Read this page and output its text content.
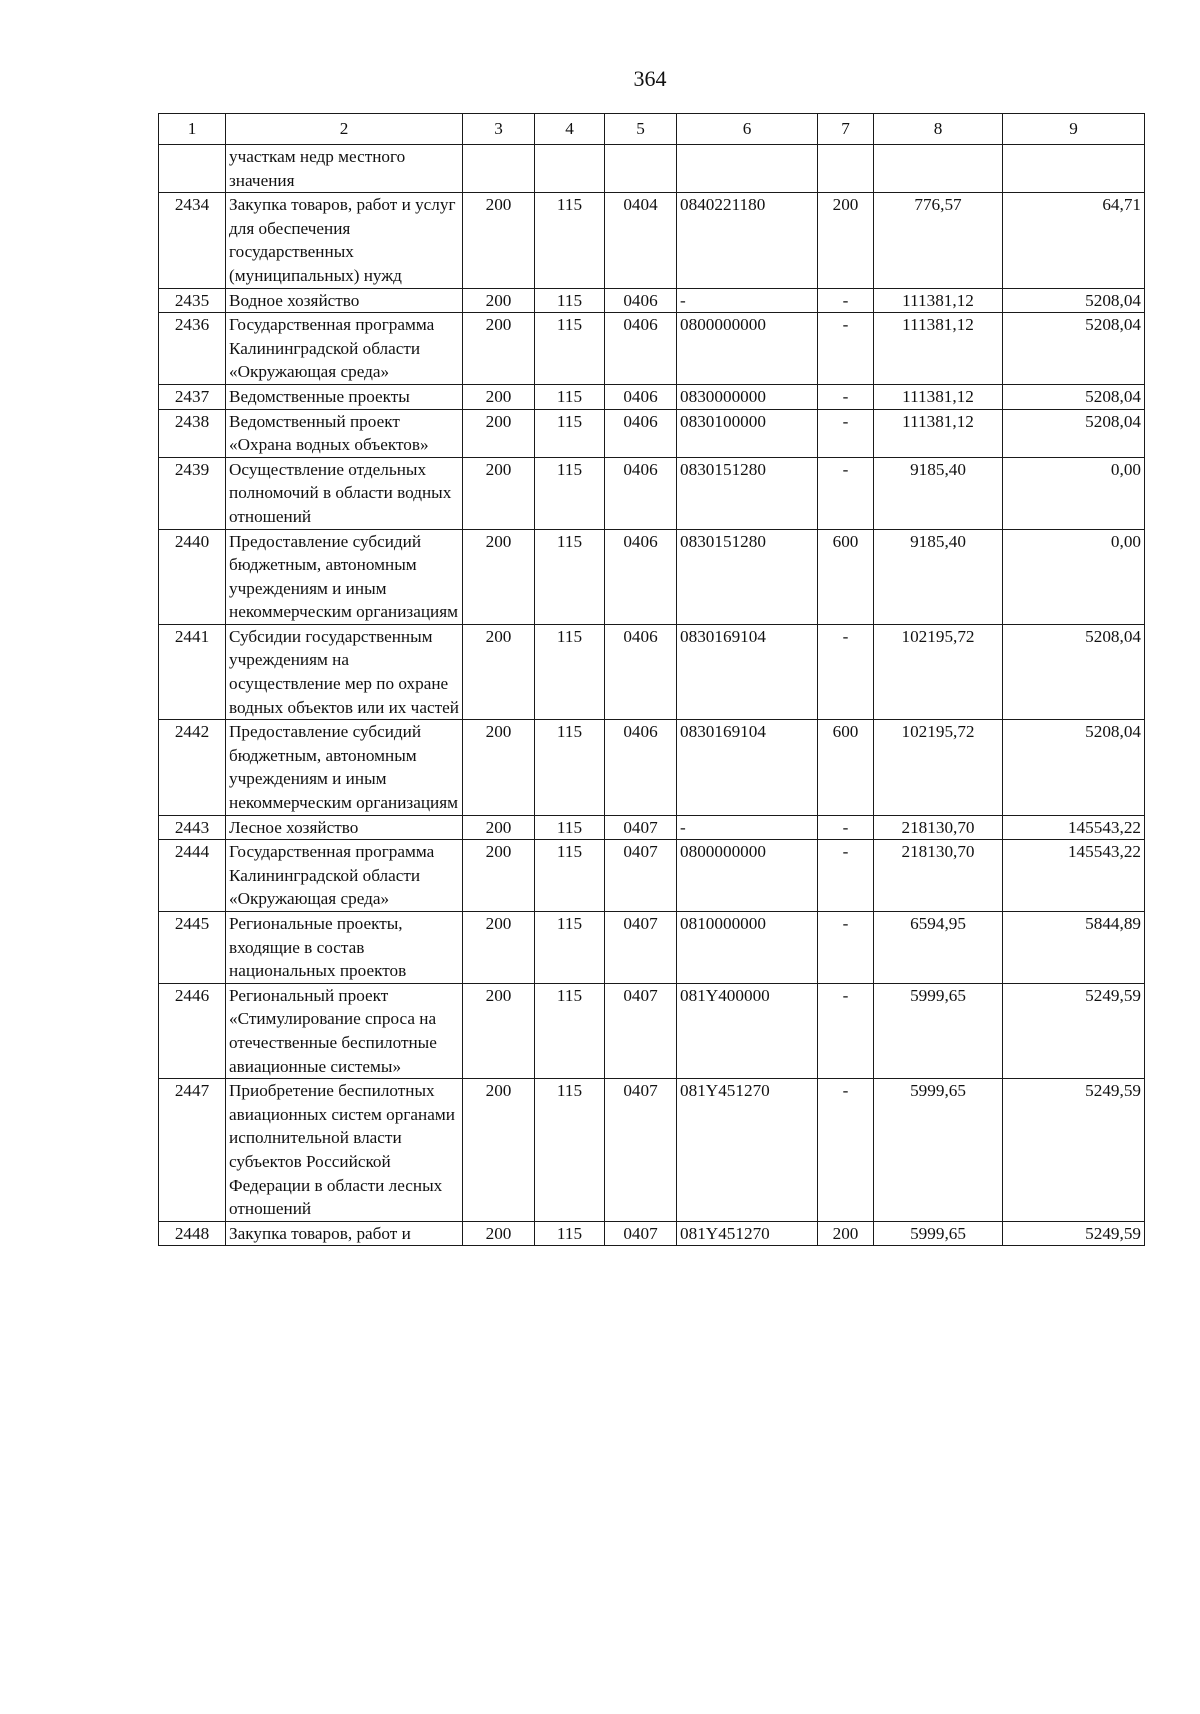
364
1	2	3	4	5	6	7	8	9
	участкам недр местного значения							
2434	Закупка товаров, работ и услуг для обеспечения государственных (муниципальных) нужд	200	115	0404	0840221180	200	776,57	64,71
2435	Водное хозяйство	200	115	0406	-	-	111381,12	5208,04
2436	Государственная программа Калининградской области «Окружающая среда»	200	115	0406	0800000000	-	111381,12	5208,04
2437	Ведомственные проекты	200	115	0406	0830000000	-	111381,12	5208,04
2438	Ведомственный проект «Охрана водных объектов»	200	115	0406	0830100000	-	111381,12	5208,04
2439	Осуществление отдельных полномочий в области водных отношений	200	115	0406	0830151280	-	9185,40	0,00
2440	Предоставление субсидий бюджетным, автономным учреждениям и иным некоммерческим организациям	200	115	0406	0830151280	600	9185,40	0,00
2441	Субсидии государственным учреждениям на осуществление мер по охране водных объектов или их частей	200	115	0406	0830169104	-	102195,72	5208,04
2442	Предоставление субсидий бюджетным, автономным учреждениям и иным некоммерческим организациям	200	115	0406	0830169104	600	102195,72	5208,04
2443	Лесное хозяйство	200	115	0407	-	-	218130,70	145543,22
2444	Государственная программа Калининградской области «Окружающая среда»	200	115	0407	0800000000	-	218130,70	145543,22
2445	Региональные проекты, входящие в состав национальных проектов	200	115	0407	0810000000	-	6594,95	5844,89
2446	Региональный проект «Стимулирование спроса на отечественные беспилотные авиационные системы»	200	115	0407	081Y400000	-	5999,65	5249,59
2447	Приобретение беспилотных авиационных систем органами исполнительной власти субъектов Российской Федерации в области лесных отношений	200	115	0407	081Y451270	-	5999,65	5249,59
2448	Закупка товаров, работ и	200	115	0407	081Y451270	200	5999,65	5249,59
